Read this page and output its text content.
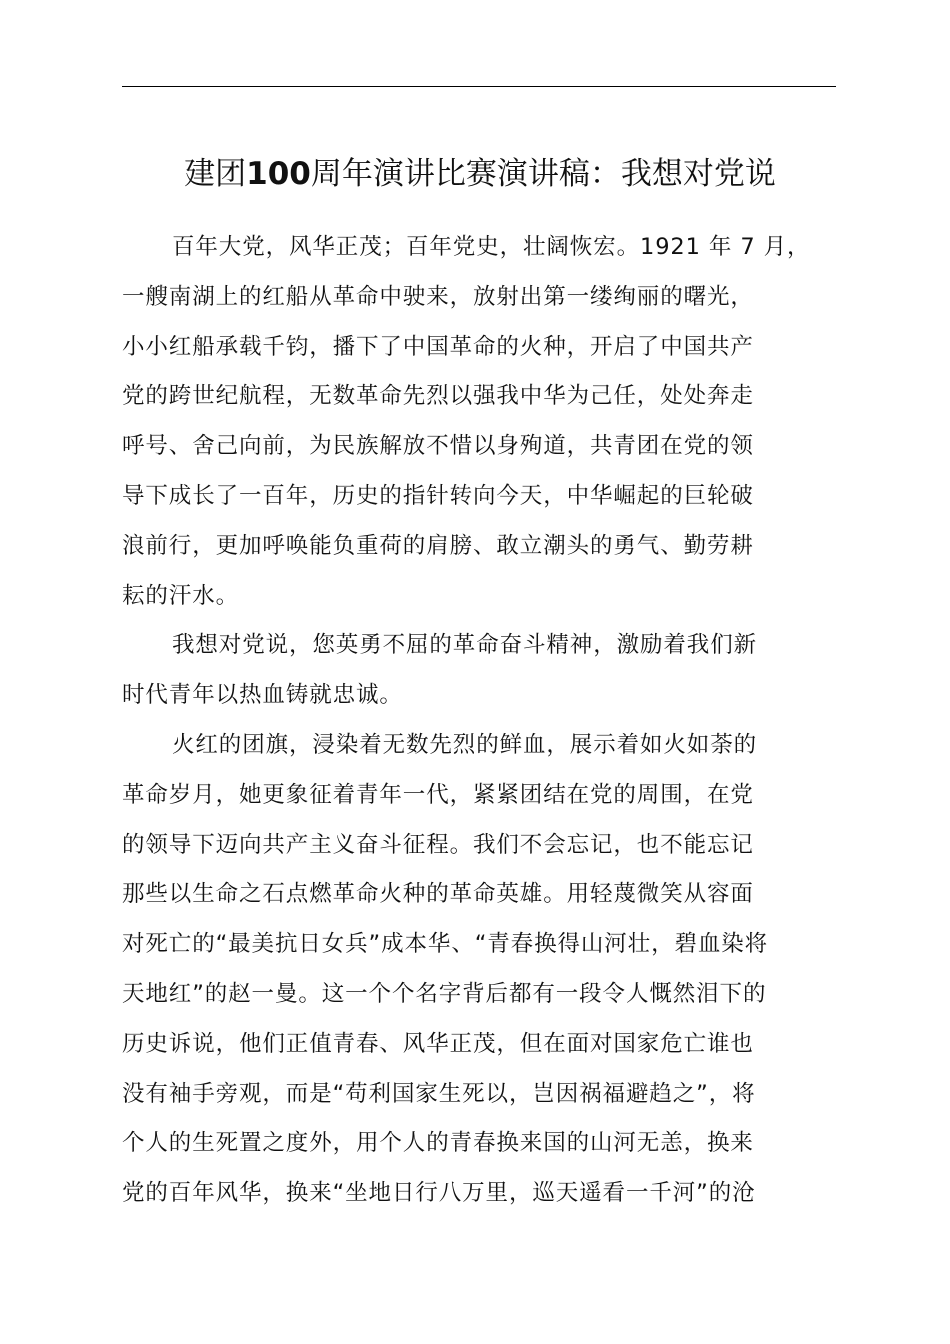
建团100周年演讲比赛演讲稿：我想对党说
百年大党，风华正茂；百年党史，壮阔恢宏。1921 年 7 月，
一艘南湖上的红船从革命中驶来，放射出第一缕绚丽的曙光，
小小红船承载千钧，播下了中国革命的火种，开启了中国共产
党的跨世纪航程，无数革命先烈以强我中华为己任，处处奔走
呼号、舍己向前，为民族解放不惜以身殉道，共青团在党的领
导下成长了一百年，历史的指针转向今天，中华崛起的巨轮破
浪前行，更加呼唤能负重荷的肩膀、敢立潮头的勇气、勤劳耕
耘的汗水。
我想对党说，您英勇不屈的革命奋斗精神，激励着我们新
时代青年以热血铸就忠诚。
火红的团旗，浸染着无数先烈的鲜血，展示着如火如荼的
革命岁月，她更象征着青年一代，紧紧团结在党的周围，在党
的领导下迈向共产主义奋斗征程。我们不会忘记，也不能忘记
那些以生命之石点燃革命火种的革命英雄。用轻蔑微笑从容面
对死亡的“最美抗日女兵”成本华、“青春换得山河壮，碧血染将
天地红”的赵一曼。这一个个名字背后都有一段令人慨然泪下的
历史诉说，他们正值青春、风华正茂，但在面对国家危亡谁也
没有袖手旁观，而是“苟利国家生死以，岂因祸福避趋之”，将
个人的生死置之度外，用个人的青春换来国的山河无恙，换来
党的百年风华，换来“坐地日行八万里，巡天遥看一千河”的沧
